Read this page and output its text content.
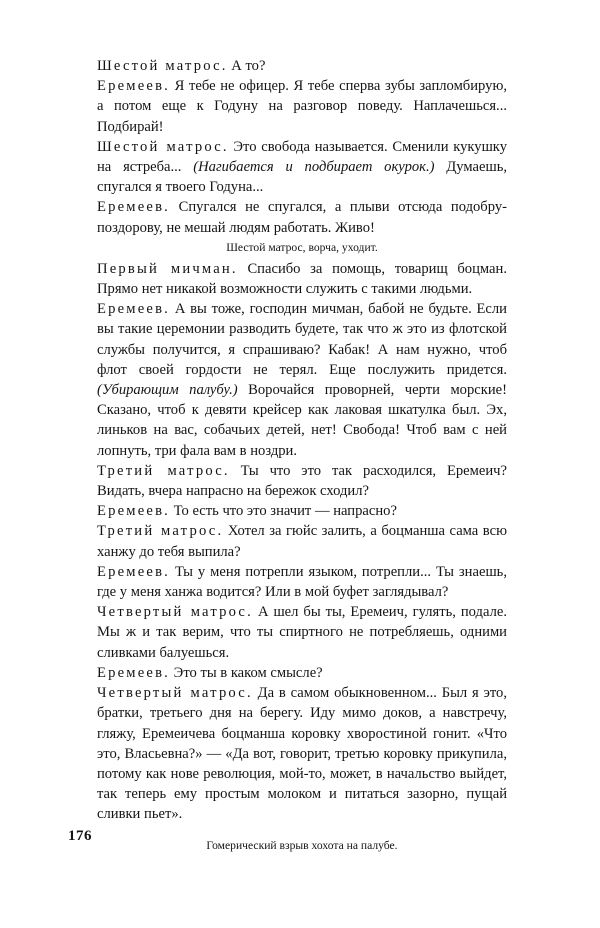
Шестой матрос. А то?

Еремеев. Я тебе не офицер. Я тебе сперва зубы запломбирую, а потом еще к Годуну на разговор поведу. Наплачешься... Подбирай!

Шестой матрос. Это свобода называется. Сменили кукушку на ястреба... (Нагибается и подбирает окурок.) Думаешь, спугался я твоего Годуна...

Еремеев. Спугался не спугался, а плыви отсюда подобру-поздорову, не мешай людям работать. Живо!

Шестой матрос, ворча, уходит.

Первый мичман. Спасибо за помощь, товарищ боцман. Прямо нет никакой возможности служить с такими людьми.

Еремеев. А вы тоже, господин мичман, бабой не будьте. Если вы такие церемонии разводить будете, так что ж это из флотской службы получится, я спрашиваю? Кабак! А нам нужно, чтоб флот своей гордости не терял. Еще послужить придется. (Убирающим палубу.) Ворочайся проворней, черти морские! Сказано, чтоб к девяти крейсер как лаковая шкатулка был. Эх, линьков на вас, собачьих детей, нет! Свобода! Чтоб вам с ней лопнуть, три фала вам в ноздри.

Третий матрос. Ты что это так расходился, Еремеич? Видать, вчера напрасно на бережок сходил?

Еремеев. То есть что это значит — напрасно?

Третий матрос. Хотел за гюйс залить, а боцманша сама всю ханжу до тебя выпила?

Еремеев. Ты у меня потрепли языком, потрепли... Ты знаешь, где у меня ханжа водится? Или в мой буфет заглядывал?

Четвертый матрос. А шел бы ты, Еремеич, гулять, подале. Мы ж и так верим, что ты спиртного не потребляешь, одними сливками балуешься.

Еремеев. Это ты в каком смысле?

Четвертый матрос. Да в самом обыкновенном... Был я это, братки, третьего дня на берегу. Иду мимо доков, а навстречу, гляжу, Еремеичева боцманша коровку хворостиной гонит. «Что это, Власьевна?» — «Да вот, говорит, третью коровку прикупила, потому как нове революция, мой-то, может, в начальство выйдет, так теперь ему простым молоком и питаться зазорно, пущай сливки пьет».

Гомерический взрыв хохота на палубе.
176
